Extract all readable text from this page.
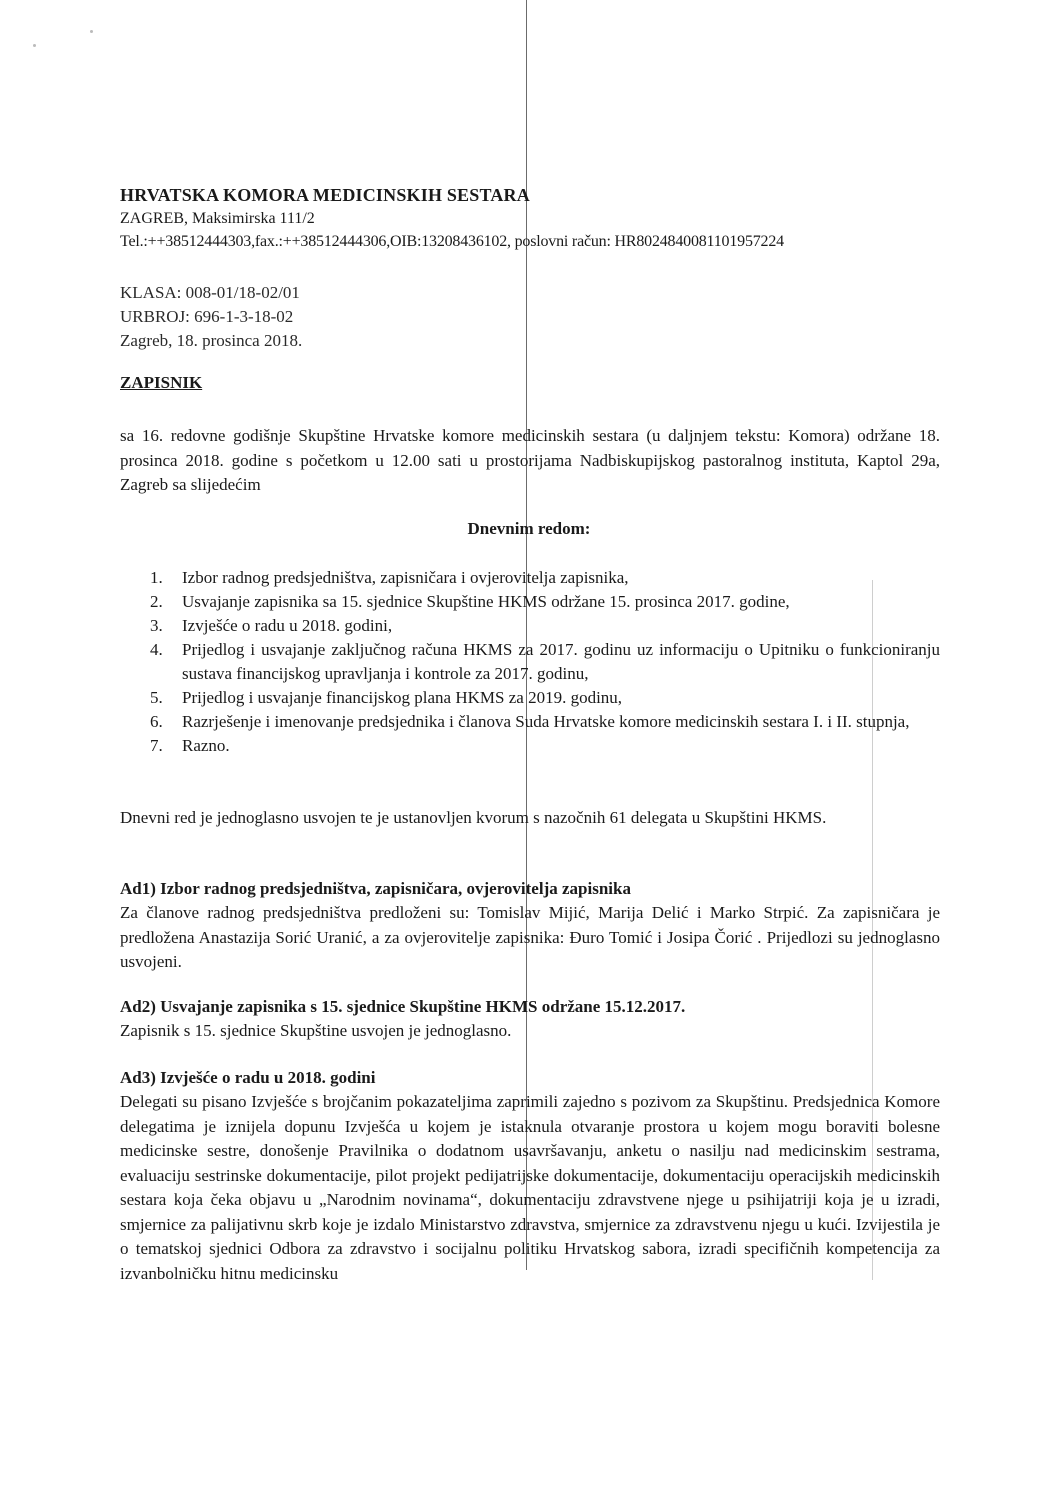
HRVATSKA KOMORA MEDICINSKIH SESTARA
ZAGREB, Maksimirska 111/2
Tel.:++38512444303,fax.:++38512444306,OIB:13208436102, poslovni račun: HR8024840081101957224
KLASA: 008-01/18-02/01
URBROJ: 696-1-3-18-02
Zagreb, 18. prosinca 2018.
ZAPISNIK

sa 16. redovne godišnje Skupštine Hrvatske komore medicinskih sestara (u daljnjem tekstu: Komora) održane 18. prosinca 2018. godine s početkom u 12.00 sati u prostorijama Nadbiskupijskog pastoralnog instituta, Kaptol 29a, Zagreb sa slijedećim

Dnevnim redom:
1. Izbor radnog predsjedništva, zapisničara i ovjerovitelja zapisnika,
2. Usvajanje zapisnika sa 15. sjednice Skupštine HKMS održane 15. prosinca 2017. godine,
3. Izvješće o radu u 2018. godini,
4. Prijedlog i usvajanje zaključnog računa HKMS za 2017. godinu uz informaciju o Upitniku o funkcioniranju sustava financijskog upravljanja i kontrole za 2017. godinu,
5. Prijedlog i usvajanje financijskog plana HKMS za 2019. godinu,
6. Razrješenje i imenovanje predsjednika i članova Suda Hrvatske komore medicinskih sestara I. i II. stupnja,
7. Razno.

Dnevni red je jednoglasno usvojen te je ustanovljen kvorum s nazočnih 61 delegata u Skupštini HKMS.

Ad1) Izbor radnog predsjedništva, zapisničara, ovjerovitelja zapisnika

Za članove radnog predsjedništva predloženi su: Tomislav Mijić, Marija Delić i Marko Strpić. Za zapisničara je predložena Anastazija Sorić Uranić, a za ovjerovitelje zapisnika: Đuro Tomić i Josipa Čorić . Prijedlozi su jednoglasno usvojeni.

Ad2) Usvajanje zapisnika s 15. sjednice Skupštine HKMS održane 15.12.2017.

Zapisnik s 15. sjednice Skupštine usvojen je jednoglasno.

Ad3) Izvješće o radu u 2018. godini

Delegati su pisano Izvješće s brojčanim pokazateljima zaprimili zajedno s pozivom za Skupštinu. Predsjednica Komore delegatima je iznijela dopunu Izvješća u kojem je istaknula otvaranje prostora u kojem mogu boraviti bolesne medicinske sestre, donošenje Pravilnika o dodatnom usavršavanju, anketu o nasilju nad medicinskim sestrama, evaluaciju sestrinske dokumentacije, pilot projekt pedijatrijske dokumentacije, dokumentaciju operacijskih medicinskih sestara koja čeka objavu u „Narodnim novinama“, dokumentaciju zdravstvene njege u psihijatriji koja je u izradi, smjernice za palijativnu skrb koje je izdalo Ministarstvo zdravstva, smjernice za zdravstvenu njegu u kući. Izvijestila je o tematskoj sjednici Odbora za zdravstvo i socijalnu politiku Hrvatskog sabora, izradi specifičnih kompetencija za izvanbolničku hitnu medicinsku
